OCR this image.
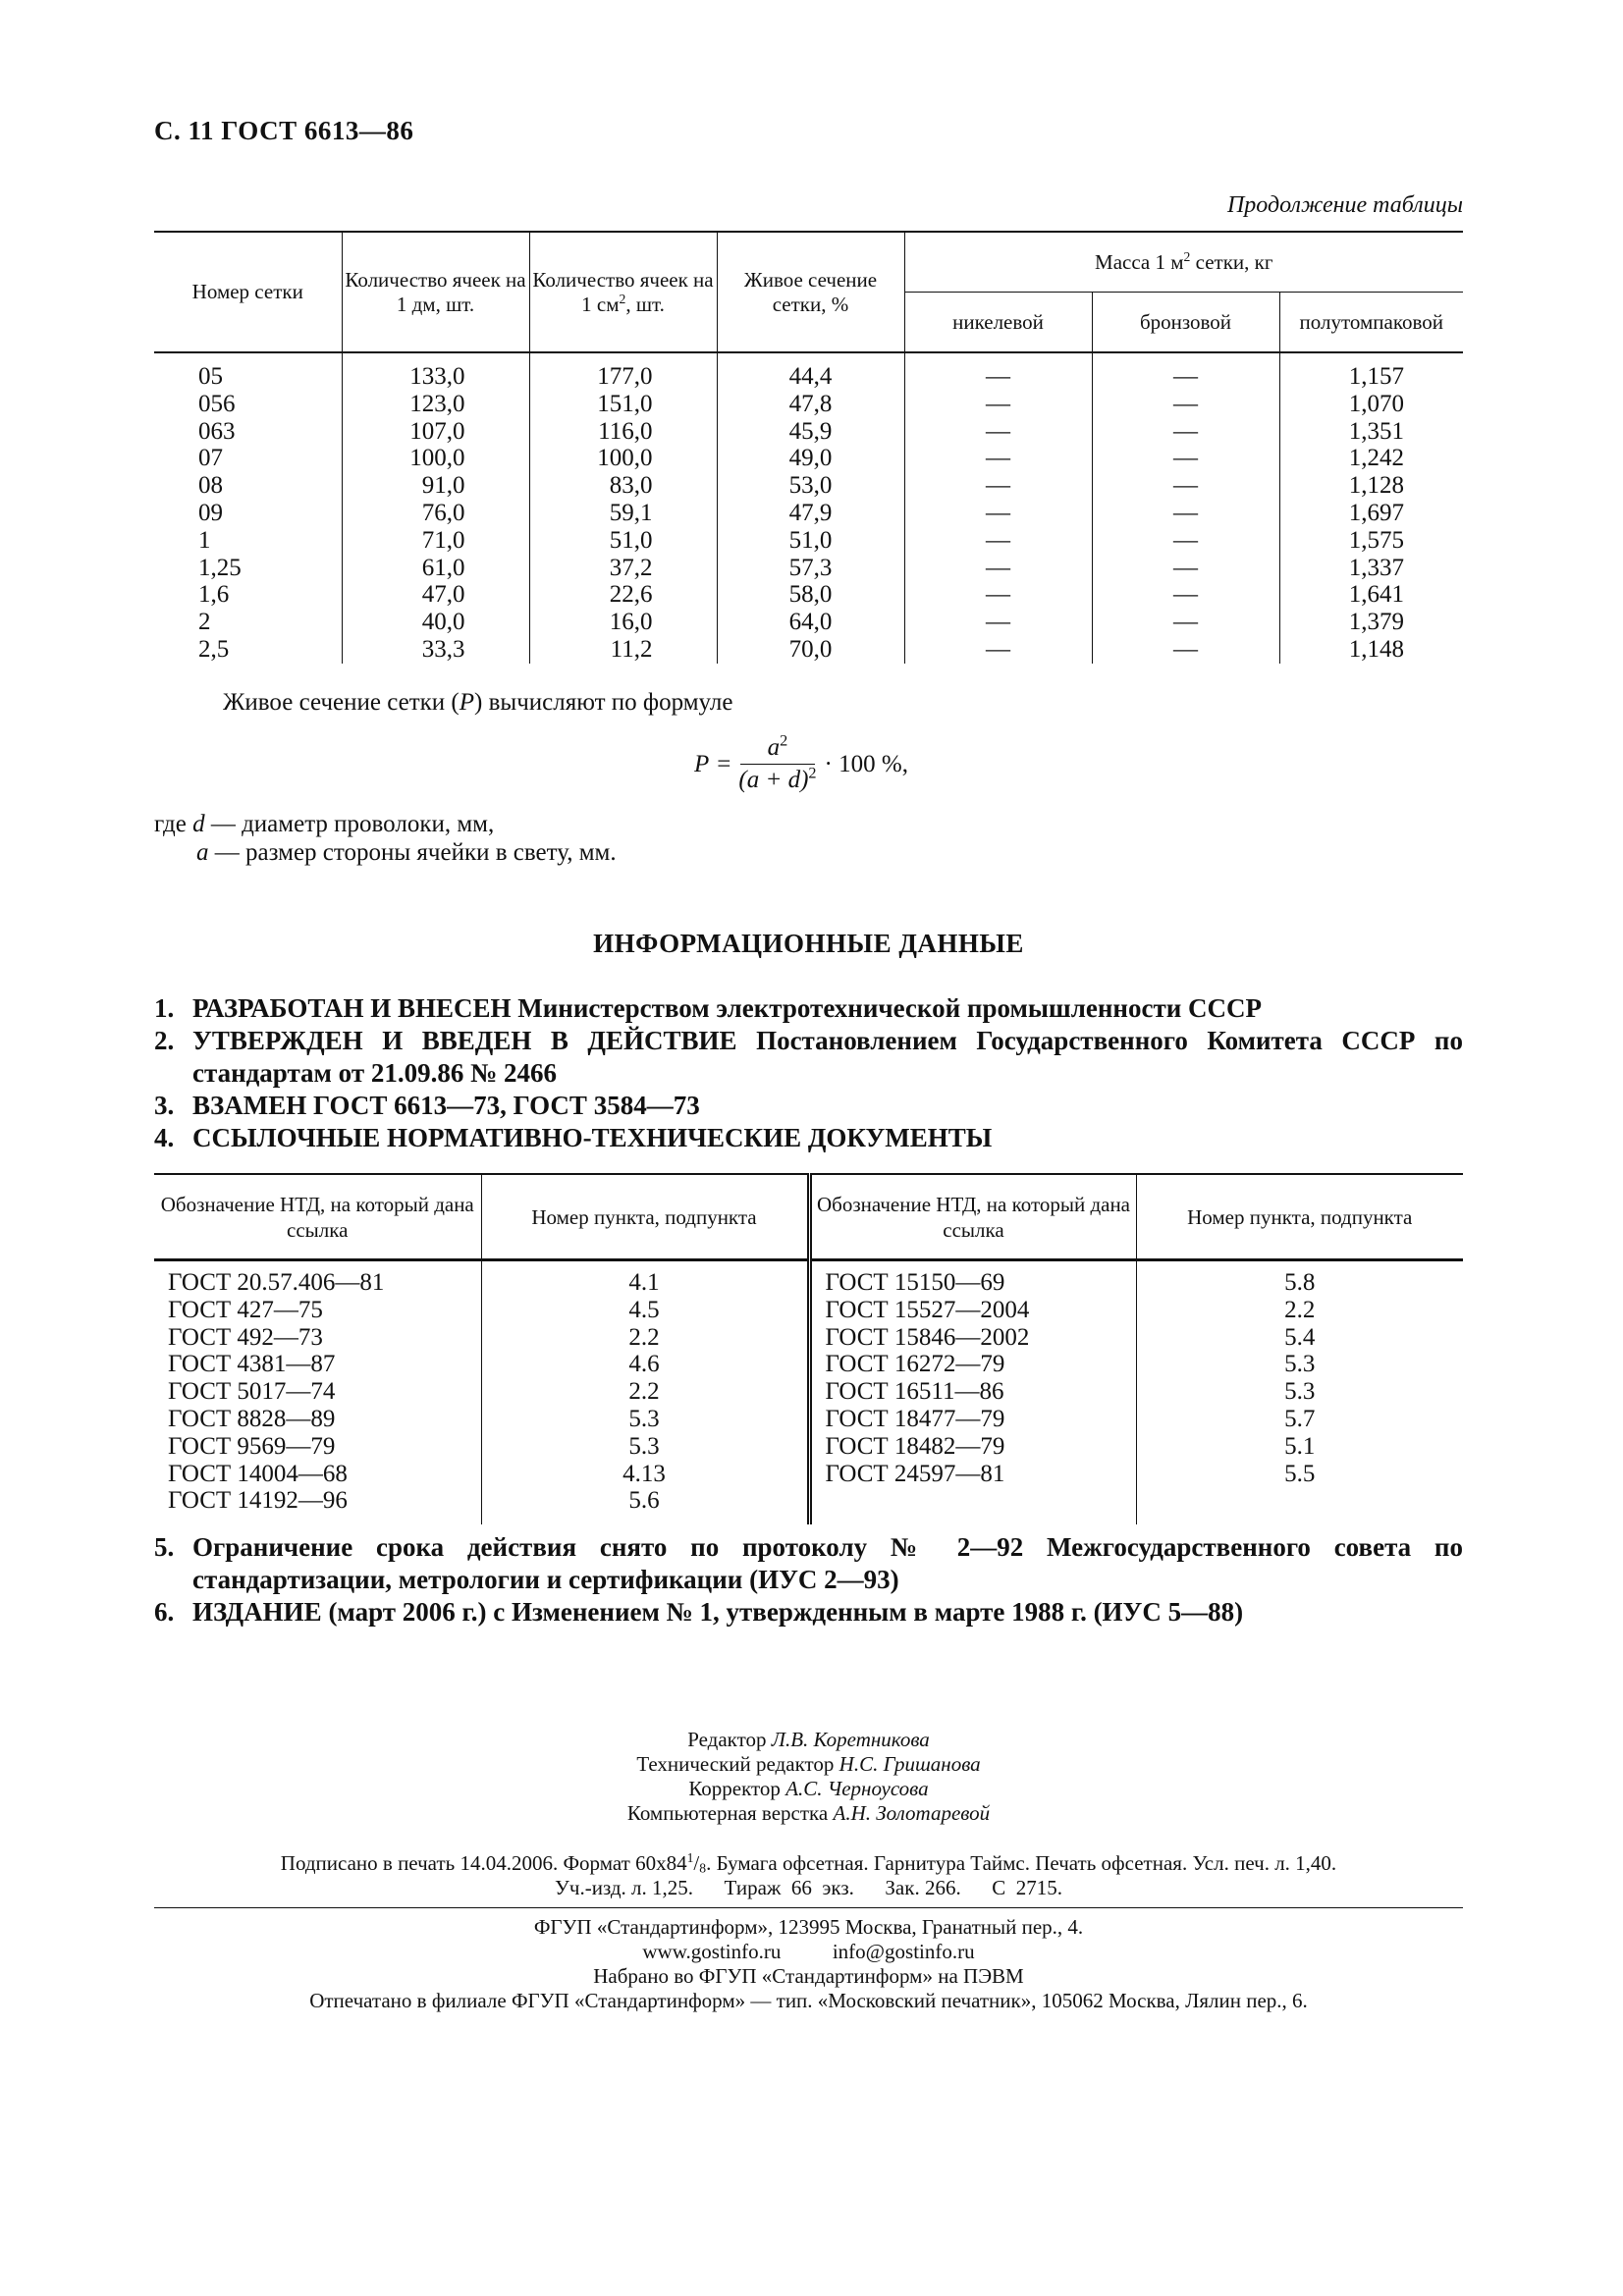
С. 11 ГОСТ 6613—86
Продолжение таблицы
Номер сетки	Количество ячеек на 1 дм, шт.	Количество ячеек на 1 $см^2$, шт.	Живое сечение сетки, %	Масса 1 $м^2$ сетки, кг		
				никелевой	бронзовой	полутомпаковой
05	133,0	177,0	44,4	—	—	1,157
056	123,0	151,0	47,8	—	—	1,070
063	107,0	116,0	45,9	—	—	1,351
07	100,0	100,0	49,0	—	—	1,242
08	91,0	83,0	53,0	—	—	1,128
09	76,0	59,1	47,9	—	—	1,697
1	71,0	51,0	51,0	—	—	1,575
1,25	61,0	37,2	57,3	—	—	1,337
1,6	47,0	22,6	58,0	—	—	1,641
2	40,0	16,0	64,0	—	—	1,379
2,5	33,3	11,2	70,0	—	—	1,148
Живое сечение сетки (P) вычисляют по формуле
$P = \frac{a^2}{(a + d)^2} \cdot 100$ %,
где d — диаметр проволоки, мм,
a — размер стороны ячейки в свету, мм.
ИНФОРМАЦИОННЫЕ ДАННЫЕ
1. РАЗРАБОТАН И ВНЕСЕН Министерством электротехнической промышленности СССР
2. УТВЕРЖДЕН И ВВЕДЕН В ДЕЙСТВИЕ Постановлением Государственного Комитета СССР по стандартам от 21.09.86 № 2466
3. ВЗАМЕН ГОСТ 6613—73, ГОСТ 3584—73
4. ССЫЛОЧНЫЕ НОРМАТИВНО-ТЕХНИЧЕСКИЕ ДОКУМЕНТЫ
Обозначение НТД, на который дана ссылка	Номер пункта, подпункта	Обозначение НТД, на который дана ссылка	Номер пункта, подпункта
ГОСТ 20.57.406—81	4.1	ГОСТ 15150—69	5.8
ГОСТ 427—75	4.5	ГОСТ 15527—2004	2.2
ГОСТ 492—73	2.2	ГОСТ 15846—2002	5.4
ГОСТ 4381—87	4.6	ГОСТ 16272—79	5.3
ГОСТ 5017—74	2.2	ГОСТ 16511—86	5.3
ГОСТ 8828—89	5.3	ГОСТ 18477—79	5.7
ГОСТ 9569—79	5.3	ГОСТ 18482—79	5.1
ГОСТ 14004—68	4.13	ГОСТ 24597—81	5.5
ГОСТ 14192—96	5.6		
5. Ограничение срока действия снято по протоколу № 2—92 Межгосударственного совета по стандартизации, метрологии и сертификации (ИУС 2—93)
6. ИЗДАНИЕ (март 2006 г.) с Изменением № 1, утвержденным в марте 1988 г. (ИУС 5—88)
Редактор Л.В. Коретникова
Технический редактор Н.С. Гришанова
Корректор А.С. Черноусова
Компьютерная верстка А.Н. Золотаревой
Подписано в печать 14.04.2006. Формат $60х84^1/_8$. Бумага офсетная. Гарнитура Таймс. Печать офсетная. Усл. печ. л. 1,40.
Уч.-изд. л. 1,25.      Тираж  66  экз.      Зак. 266.      С  2715.
ФГУП «Стандартинформ», 123995 Москва, Гранатный пер., 4.
www.gostinfo.ru          info@gostinfo.ru
Набрано во ФГУП «Стандартинформ» на ПЭВМ
Отпечатано в филиале ФГУП «Стандартинформ» — тип. «Московский печатник», 105062 Москва, Лялин пер., 6.
